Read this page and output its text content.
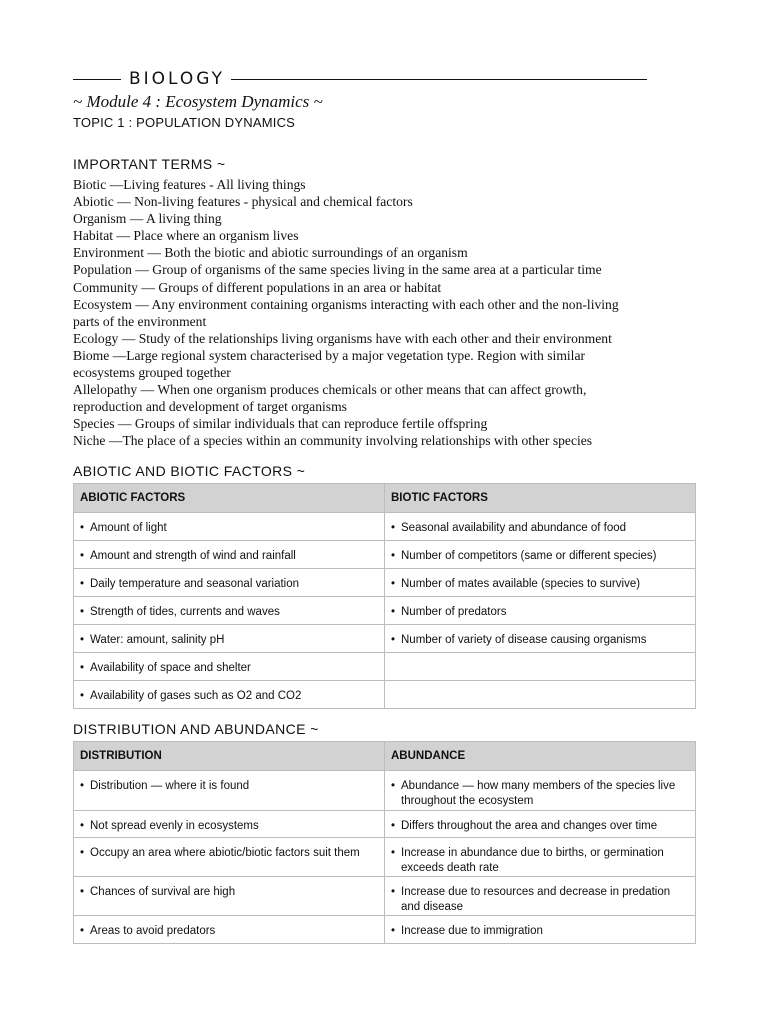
BIOLOGY
~ Module 4 : Ecosystem Dynamics ~
TOPIC 1 : POPULATION DYNAMICS
IMPORTANT TERMS ~
Biotic —Living features - All living things
Abiotic — Non-living features - physical and chemical factors
Organism — A living thing
Habitat — Place where an organism lives
Environment — Both the biotic and abiotic surroundings of an organism
Population — Group of organisms of the same species living in the same area at a particular time
Community — Groups of different populations in an area or habitat
Ecosystem — Any environment containing organisms interacting with each other and the non-living
parts of the environment
Ecology — Study of the relationships living organisms have with each other and their environment
Biome —Large regional system characterised by a major vegetation type. Region with similar
ecosystems grouped together
Allelopathy — When one organism produces chemicals or other means that can affect growth,
reproduction and development of target organisms
Species — Groups of similar individuals that can reproduce fertile offspring
Niche —The place of a species within an community involving relationships with other species
ABIOTIC AND BIOTIC FACTORS ~
ABIOTIC FACTORS	BIOTIC FACTORS

• Amount of light	• Seasonal availability and abundance of food

• Amount and strength of wind and rainfall	• Number of competitors (same or different species)

• Daily temperature and seasonal variation	• Number of mates available (species to survive)

• Strength of tides, currents and waves	• Number of predators

• Water: amount, salinity pH	• Number of variety of disease causing organisms

• Availability of space and shelter	

• Availability of gases such as O2 and CO2	

DISTRIBUTION AND ABUNDANCE ~
DISTRIBUTION	ABUNDANCE

• Distribution — where it is found	• Abundance — how many members of the species live throughout the ecosystem

• Not spread evenly in ecosystems	• Differs throughout the area and changes over time

• Occupy an area where abiotic/biotic factors suit them	• Increase in abundance due to births, or germination exceeds death rate

• Chances of survival are high	• Increase due to resources and decrease in predation and disease

• Areas to avoid predators	• Increase due to immigration
